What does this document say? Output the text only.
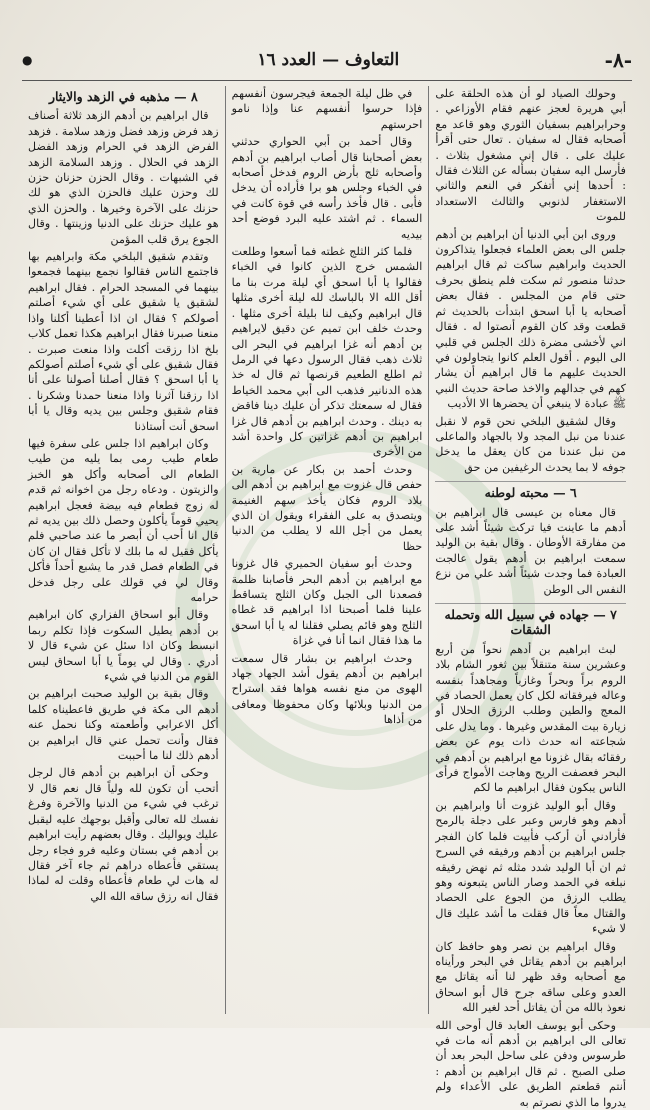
-٨-
التعاوف — العدد ١٦
●

وحولك الصياد لو أن هذه الحلقة على أبي هريرة لعجز عنهم فقام الأوزاعي . وحرابراهيم بسفيان الثوري وهو قاعد مع أصحابه فقال له سفيان . تعال حتى أقرأ عليك على . قال إني مشغول بثلاث . فأرسل اليه سفيان بسأله عن الثلاث فقال : أحدها إني أتفكر في النعم والثاني الاستغفار لذنوبي والثالث الاستعداد للموت

وروى ابن أبي الدنيا أن ابراهيم بن أدهم جلس الى بعض العلماء فجعلوا يتذاكرون الحديث وابراهيم ساكت ثم قال ابراهيم حدثنا منصور ثم سكت فلم ينطق بحرف حتى قام من المجلس . فقال بعض أصحابه يا أبا اسحق ابتدأت بالحديث ثم قطعت وقد كان القوم أنصتوا له . فقال اني لأخشى مضرة ذلك الجلس في قلبي الى اليوم . أقول العلم كانوا يتجاولون في الحديث عليهم ما قال ابراهيم أن يشار كهم في جدالهم والاخذ صاحة حديث النبي ﷺ عبادة لا ينبغي أن يحضرها الا الأديب

وقال لشقيق البلخي نحن قوم لا نقبل عندنا من نبل المجد ولا بالجهاد والماعلى من نبل عندنا من كان يعقل ما يدخل جوفه لا بما يحدث الرغيفين من حق

٦ — محبته لوطنه

قال معناه بن عيسى قال ابراهيم بن أدهم ما عاينت فيا تركت شيئاً أشد على من مفارقة الأوطان . وقال بقية بن الوليد سمعت ابراهيم بن أدهم يقول عالجت العبادة فما وجدت شيئاً أشد علي من نزع النفس الى الوطن

٧ — جهاده في سبيل الله وتحمله الشقات

لبث ابراهيم بن أدهم نحواً من أربع وعشرين سنة متنقلاً بين ثغور الشام بلاد الروم براً وبحراً وغازياً ومجاهداً بنفسه وعاله فيرفقاته لكل كان يعمل الحصاد في المعج والطين وطلب الرزق الحلال أو زيارة بيت المقدس وغيرها . وما يدل على شجاعته انه حدث ذات يوم عن بعض رفقائه بقال غزونا مع ابراهيم بن أدهم في البحر فعصفت الريح وهاجت الأمواج فرأى الناس يبكون فقال ابراهيم ما لكم

وقال أبو الوليد غزوت أنا وابراهيم بن أدهم وهو فارس وعبر على دجلة بالرمح فأرادني أن أركب فأبيت فلما كان الفجر جلس ابراهيم بن أدهم ورفيقه في السرح ثم ان أبا الوليد شدد مثله ثم نهض رفيقه نبلغه في الحمد وصار الناس يتبعونه وهو يطلب الرزق من الجوع على الحصاد والقتال معاً قال فقلت ما أشد عليك قال لا شيء

وقال ابراهيم بن نصر وهو حافظ كان ابراهيم بن أدهم يقاتل في البحر ورأيناه مع أصحابه وقد ظهر لنا أنه يقاتل مع العدو وعلى ساقه جرح قال أبو اسحاق نعوذ بالله من أن يقاتل أحد لغير الله

وحكى أبو يوسف العابد قال أوحى الله تعالى الى ابراهيم بن أدهم أنه مات في طرسوس ودفن على ساحل البحر بعد أن صلى الصبح . ثم قال ابراهيم بن أدهم : أنتم قطعتم الطريق على الأعداء ولم يدروا ما الذي نصرتم به

في ظل ليلة الجمعة فيجرسون أنفسهم فإذا حرسوا أنفسهم عنا وإذا نامو احرستهم

وقال أحمد بن أبي الحواري حدثني بعض أصحابنا قال أصاب ابراهيم بن أدهم وأصحابه ثلج بأرض الروم فدخل أصحابه في الخباء وجلس هو برا فأراده أن يدخل فأبى . قال فأخذ رأسه في قوة كانت في السماء . ثم اشتد عليه البرد فوضع أحد بيديه

فلما كثر الثلج غطته فما أسعوا وطلعت الشمس خرج الذين كانوا في الخباء فقالوا يا أبا اسحق أي ليلة مرت بنا ما أقل الله الا بالباسك لله ليلة أخرى مثلها قال ابراهيم وكيف لنا بليلة أخرى مثلها . وحدث خلف ابن تميم عن دقيق لايراهيم بن أدهم أنه غزا ابراهيم في البحر الى ثلاث ذهب فقال الرسول دعها في الرمل ثم اطلع الطعيم قرنصها ثم قال له خذ هذه الدنانير فذهب الى أبي محمد الخياط فقال له سمعتك تذكر أن عليك دينا فاقض به دينك . وحدث ابراهيم بن أدهم قال غزا ابراهيم بن أدهم غزاتين كل واحدة أشد من الأخرى

وحدث أحمد بن بكار عن مارية بن حفص قال غزوت مع ابراهيم بن أدهم الى بلاد الروم فكان يأخذ سهم الغنيمة ويتصدق به على الفقراء ويقول ان الذي يعمل من أجل الله لا يطلب من الدنيا حظا

وحدث أبو سفيان الحميري قال غزونا مع ابراهيم بن أدهم البحر فأصابنا ظلمة فصعدنا الى الجبل وكان الثلج يتساقط علينا فلما أصبحنا اذا ابراهيم قد غطاه الثلج وهو قائم يصلي فقلنا له يا أبا اسحق ما هذا فقال انما أنا في غزاة

وحدث ابراهيم بن بشار قال سمعت ابراهيم بن أدهم يقول أشد الجهاد جهاد الهوى من منع نفسه هواها فقد استراح من الدنيا وبلائها وكان محفوظا ومعافى من أذاها

٨ — مذهبه في الزهد والايثار

قال ابراهيم بن أدهم الزهد ثلاثة أصناف زهد فرض وزهد فضل وزهد سلامة . فزهد الفرض الزهد في الحرام وزهد الفضل الزهد في الحلال . وزهد السلامة الزهد في الشبهات . وقال الحزن حزنان حزن لك وحزن عليك فالحزن الذي هو لك حزنك على الآخرة وخيرها . والحزن الذي هو عليك حزنك على الدنيا وزينتها . وقال الجوع يرق قلب المؤمن

وتقدم شقيق البلخي مكة وابراهيم بها فاجتمع الناس فقالوا نجمع بينهما فجمعوا بينهما في المسجد الحرام . فقال ابراهيم لشقيق يا شقيق على أي شيء أصلتم أصولكم ؟ فقال ان اذا أعطينا أكلنا واذا منعنا صبرنا فقال ابراهيم هكذا تعمل كلاب بلخ اذا رزقت أكلت واذا منعت صبرت . فقال شقيق على أي شيء أصلتم أصولكم يا أبا اسحق ؟ فقال أصلنا أصولنا على أنا اذا رزقنا آثرنا واذا منعنا حمدنا وشكرنا . فقام شقيق وجلس بين يديه وقال يا أبا اسحق أنت أستاذنا

وكان ابراهيم اذا جلس على سفرة فيها طعام طيب رمى بما يليه من طيب الطعام الى أصحابه وأكل هو الخبز والزيتون . ودعاه رجل من اخوانه ثم قدم له زوج فطعام فيه بيضة فعجل ابراهيم يحيي قوماً يأكلون وحصل ذلك بين يديه ثم قال انا أحب أن أبصر ما عند صاحبي فلم يأكل فقيل له ما بلك لا تأكل فقال ان كان في الطعام فصل قدر ما يشبع أحداً فأكل وقال لي في قولك على رجل فدخل حرامه

وقال أبو اسحاق الفزاري كان ابراهيم بن أدهم يطيل السكوت فإذا تكلم ربما انبسط وكان اذا سئل عن شيء قال لا أدري . وقال لي يوماً يا أبا اسحاق ليس القوم من الدنيا في شيء

وقال بقية بن الوليد صحبت ابراهيم بن أدهم الى مكة في طريق فاعطيناه كلما أكل الاعرابي وأطعمته وكنا نحمل عنه فقال وأنت تحمل عني قال ابراهيم بن أدهم ذلك لنا ما أحببت

وحكى أن ابراهيم بن أدهم قال لرجل أتحب أن تكون لله ولياً قال نعم قال لا ترغب في شيء من الدنيا والآخرة وفرغ نفسك لله تعالى وأقبل بوجهك عليه ليقبل عليك ويواليك . وقال بعضهم رأيت ابراهيم بن أدهم في بستان وعليه فرو فجاء رجل يستقي فأعطاه دراهم ثم جاء آخر فقال له هات لي طعام فأعطاه وقلت له لماذا فقال انه رزق ساقه الله الي
